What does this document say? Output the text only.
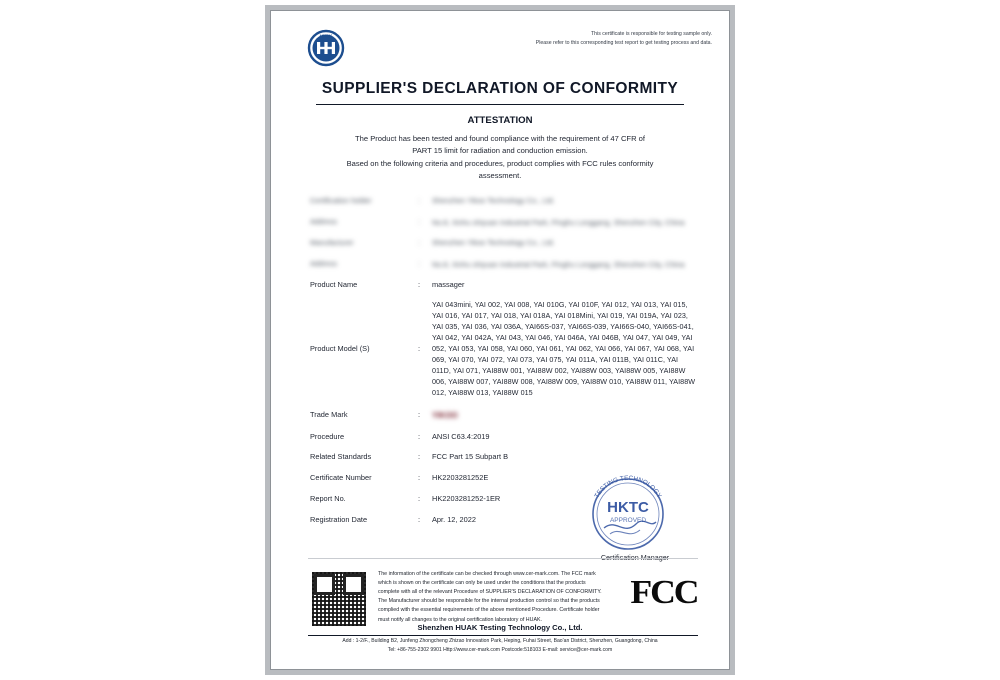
HUAK	This certificate is responsible for testing sample only.
Please refer to this corresponding test report to get testing process and data.
SUPPLIER'S DECLARATION OF CONFORMITY
ATTESTATION
The Product has been tested and found compliance with the requirement of 47 CFR of
PART 15 limit for radiation and conduction emission.
Based on the following criteria and procedures, product complies with FCC rules conformity
assessment.
Certification holder	:	Shenzhen Yikoo Technology Co., Ltd.
Address	:	No.8, Xinhu shiyuan Industrial Park, Pinghu Longgang, Shenzhen City, China
Manufacturer	:	Shenzhen Yikoo Technology Co., Ltd.
Address	:	No.8, Xinhu shiyuan Industrial Park, Pinghu Longgang, Shenzhen City, China
Product Name	:	massager
Product Model (S)	:
YAI 043mini, YAI 002, YAI 008, YAI 010G, YAI 010F, YAI 012, YAI 013, YAI 015, YAI 016, YAI 017, YAI 018, YAI 018A, YAI 018Mini, YAI 019, YAI 019A, YAI 023, YAI 035, YAI 036, YAI 036A, YAI66S-037, YAI66S-039, YAI66S-040, YAI66S-041, YAI 042, YAI 042A, YAI 043, YAI 046, YAI 046A, YAI 046B, YAI 047, YAI 049, YAI 052, YAI 053, YAI 058, YAI 060, YAI 061, YAI 062, YAI 066, YAI 067, YAI 068, YAI 069, YAI 070, YAI 072, YAI 073, YAI 075, YAI 011A, YAI 011B, YAI 011C, YAI 011D, YAI 071, YAI88W 001, YAI88W 002, YAI88W 003, YAI88W 005, YAI88W 006, YAI88W 007, YAI88W 008, YAI88W 009, YAI88W 010, YAI88W 011, YAI88W 012, YAI88W 013, YAI88W 015
Trade Mark	:	YIKOO
Procedure	:	ANSI C63.4:2019
Related Standards	:	FCC Part 15 Subpart B
Certificate Number	:	HK2203281252E
Report No.	:	HK2203281252-1ER
Registration Date	:	Apr. 12, 2022
TESTING TECHNOLOGY
HKTC
APPROVED
The information of the certificate can be checked through www.cer-mark.com. The FCC mark
which is shown on the certificate can only be used under the conditions that the products
complete with all of the relevant Procedure of SUPPLIER'S DECLARATION OF CONFORMITY.
The Manufacturer should be responsible for the internal production control so that the products
complied with the essential requirements of the above mentioned Procedure. Certificate holder
must notify all changes to the original certification laboratory of HUAK.
FCC
Shenzhen HUAK Testing Technology Co., Ltd.
Add : 1-2/F., Building B2, Junfeng Zhongcheng Zhizao Innovation Park, Heping, Fuhai Street, Bao'an District, Shenzhen, Guangdong, China
Tel: +86-755-2302 9901 Http://www.cer-mark.com Postcode:518103 E-mail: service@cer-mark.com
